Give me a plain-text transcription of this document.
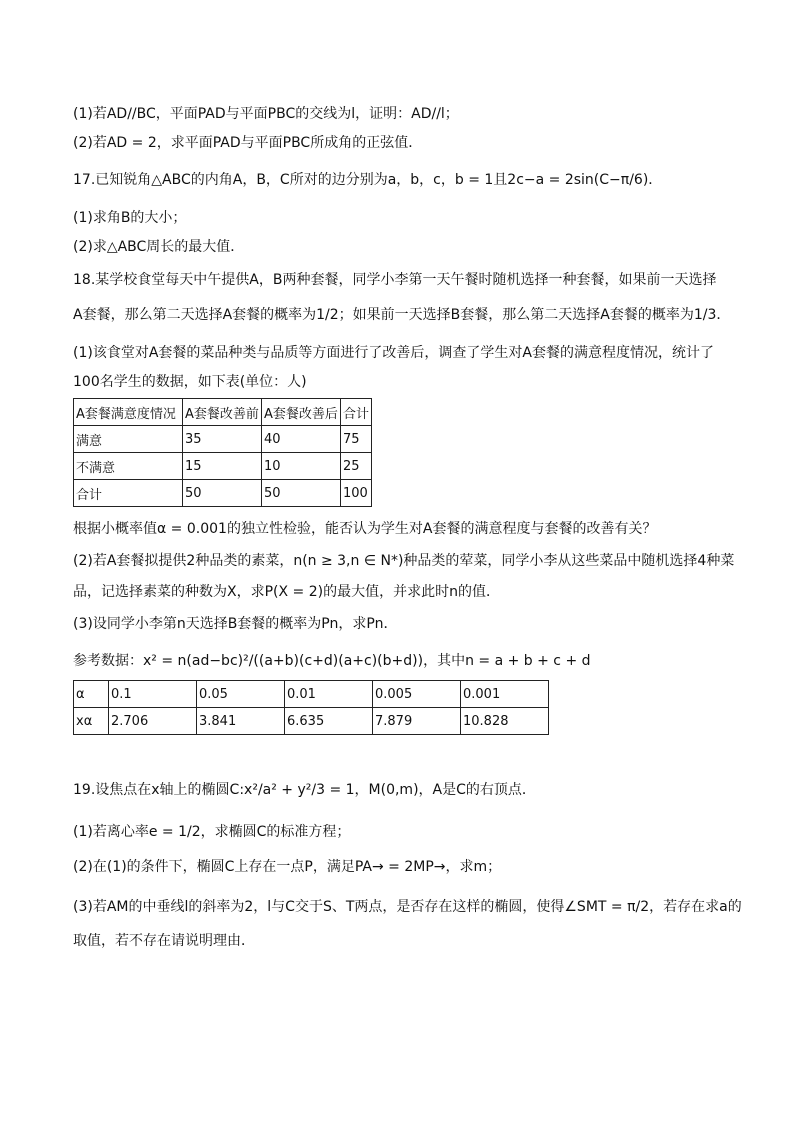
(1)若AD//BC，平面PAD与平面PBC的交线为l，证明：AD//l；
(2)若AD = 2，求平面PAD与平面PBC所成角的正弦值．
17.已知锐角△ABC的内角A，B，C所对的边分别为a，b，c，b = 1且2c−a = 2sin(C−π/6)．
(1)求角B的大小；
(2)求△ABC周长的最大值．
18.某学校食堂每天中午提供A，B两种套餐，同学小李第一天午餐时随机选择一种套餐，如果前一天选择
A套餐，那么第二天选择A套餐的概率为1/2；如果前一天选择B套餐，那么第二天选择A套餐的概率为1/3．
(1)该食堂对A套餐的菜品种类与品质等方面进行了改善后，调查了学生对A套餐的满意程度情况，统计了
100名学生的数据，如下表(单位：人)
A套餐满意度情况	A套餐改善前	A套餐改善后	合计
满意	35	40	75
不满意	15	10	25
合计	50	50	100
根据小概率值α = 0.001的独立性检验，能否认为学生对A套餐的满意程度与套餐的改善有关？
(2)若A套餐拟提供2种品类的素菜，n(n ≥ 3,n ∈ N*)种品类的荤菜，同学小李从这些菜品中随机选择4种菜
品，记选择素菜的种数为X，求P(X = 2)的最大值，并求此时n的值．
(3)设同学小李第n天选择B套餐的概率为Pn，求Pn．
参考数据：x² = n(ad−bc)²/((a+b)(c+d)(a+c)(b+d))，其中n = a + b + c + d
α	0.1	0.05	0.01	0.005	0.001
xα	2.706	3.841	6.635	7.879	10.828
19.设焦点在x轴上的椭圆C:x²/a² + y²/3 = 1，M(0,m)，A是C的右顶点．
(1)若离心率e = 1/2，求椭圆C的标准方程；
(2)在(1)的条件下，椭圆C上存在一点P，满足PA→ = 2MP→，求m；
(3)若AM的中垂线l的斜率为2，l与C交于S、T两点，是否存在这样的椭圆，使得∠SMT = π/2，若存在求a的
取值，若不存在请说明理由．
